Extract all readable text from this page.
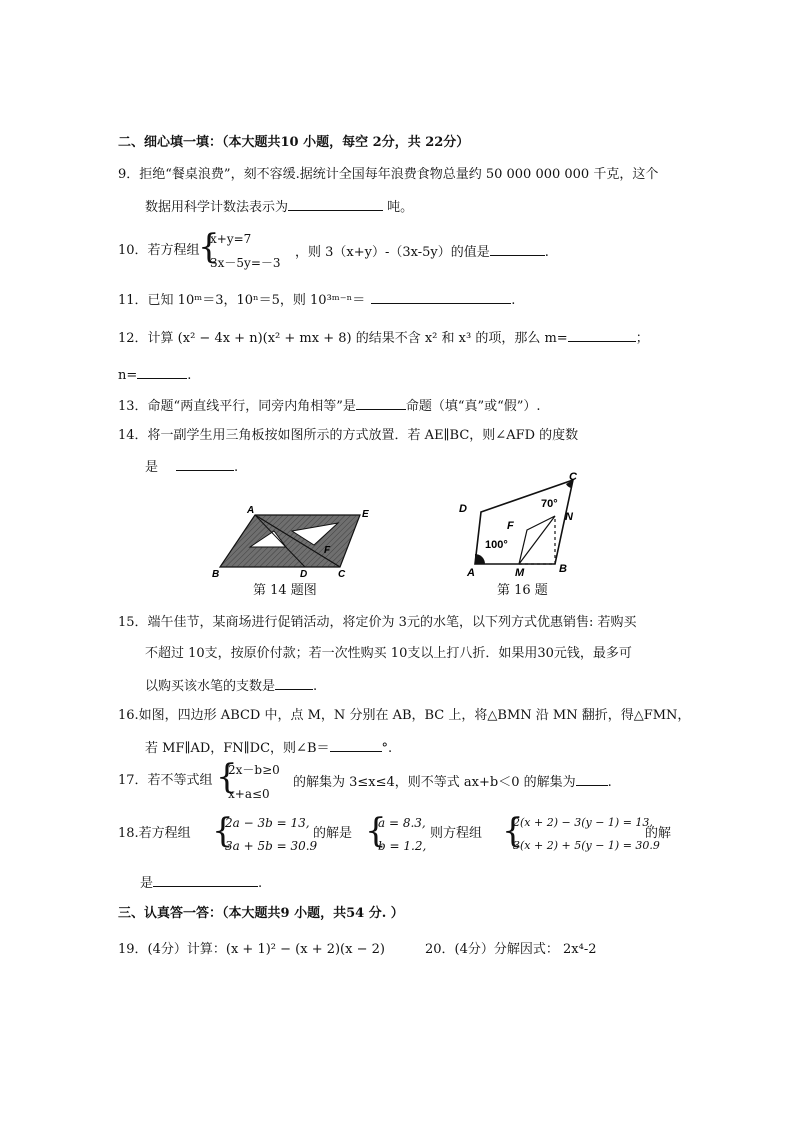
二、细心填一填：（本大题共10 小题，每空 2分，共 22分）
9．拒绝“餐桌浪费”，刻不容缓.据统计全国每年浪费食物总量约 50 000 000 000 千克，这个
数据用科学计数法表示为	吨。
10．若方程组
{
x+y=7
3x－5y=－3
，则 3（x+y）-（3x-5y）的值是	.
11．已知 10ᵐ＝3，10ⁿ＝5，则 10³ᵐ⁻ⁿ＝	.
12．计算 (x² − 4x + n)(x² + mx + 8) 的结果不含 x² 和 x³ 的项，那么 m=	；
n=	.
13．命题“两直线平行，同旁内角相等”是	命题（填“真”或“假”）.
14．将一副学生用三角板按如图所示的方式放置．若 AE∥BC，则∠AFD 的度数
是	.
A	E
B	D
F
C
第 14 题图
D
C
70°
N
F
100°
A	M	B
第 16 题
15．端午佳节，某商场进行促销活动，将定价为 3元的水笔，以下列方式优惠销售: 若购买
不超过 10支，按原价付款；若一次性购买 10支以上打八折．如果用30元钱，最多可
以购买该水笔的支数是	.
16.如图，四边形 ABCD 中，点 M，N 分别在 AB，BC 上，将△BMN 沿 MN 翻折，得△FMN，
若 MF∥AD，FN∥DC，则∠B＝	°.
17．若不等式组 {
2x－b≥0
x+a≤0
的解集为 3≤x≤4，则不等式 ax+b＜0 的解集为 .
18.若方程组 {
2a − 3b = 13,
3a + 5b = 30.9
的解是 {
a = 8.3,
b = 1.2,
则方程组 {
2(x + 2) − 3(y − 1) = 13,
3(x + 2) + 5(y − 1) = 30.9
的解
是	.
三、认真答一答：（本大题共9 小题，共54 分. ）
19．(4分）计算：(x + 1)² − (x + 2)(x − 2)	20．(4分）分解因式： 2x⁴-2
